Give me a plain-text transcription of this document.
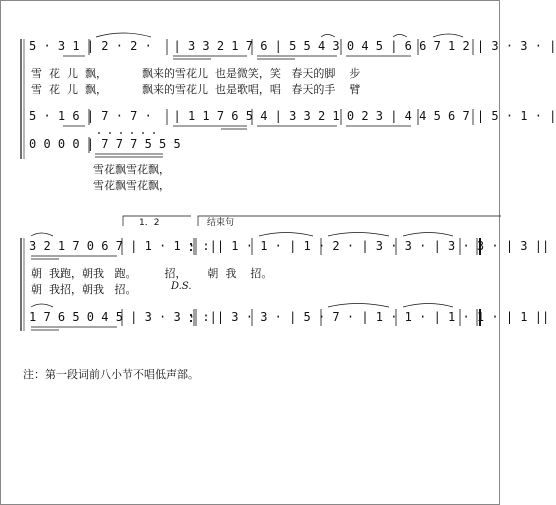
5 · 3 1 | 2 · 2 ·   | 3 3 2 1 7 6 | 5 5 4 3 0 4 5 | 6 6 7 1 2 | 3 · 3 · |
雪  花  儿  飘，          飘来的雪花儿  也是微笑，笑   春天的脚    步
雪  花  儿  飘，          飘来的雪花儿  也是歌唱，唱   春天的手    臂
5 · 1 6 | 7 · 7 ·   | 1 1 7 6 5 4 | 3 3 2 1 0 2 3 | 4 4 5 6 7 | 5 · 1 · |
0 0 0 0 | 7 7 7 5 5 5
雪花飘雪花飘，
雪花飘雪花飘，
1．2	结束句
3 2 1 7 0 6 7 | 1 · 1 · :|| 1 · 1 · | 1 · 2 · | 3 · 3 · | 3 · 3 · | 3 ||
朝  我跑，朝我   跑。        招，      朝  我    招。
朝  我招，朝我   招。	D.S.
1 7 6 5 0 4 5 | 3 · 3 · :|| 3 · 3 · | 5 · 7 · | 1 · 1 · | 1 · 1 · | 1 ||
注：第一段词前八小节不唱低声部。
